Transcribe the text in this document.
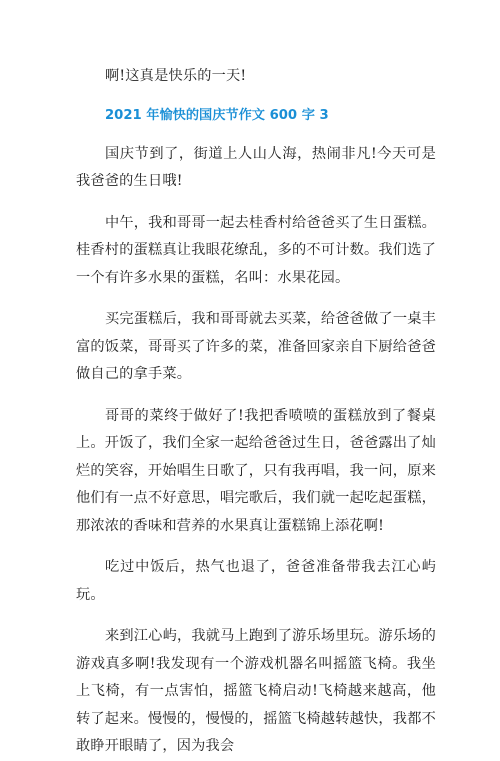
啊!这真是快乐的一天!

2021 年愉快的国庆节作文 600 字 3

国庆节到了，街道上人山人海，热闹非凡!今天可是我爸爸的生日哦!

中午，我和哥哥一起去桂香村给爸爸买了生日蛋糕。桂香村的蛋糕真让我眼花缭乱，多的不可计数。我们选了一个有许多水果的蛋糕，名叫：水果花园。

买完蛋糕后，我和哥哥就去买菜，给爸爸做了一桌丰富的饭菜，哥哥买了许多的菜，准备回家亲自下厨给爸爸做自己的拿手菜。

哥哥的菜终于做好了!我把香喷喷的蛋糕放到了餐桌上。开饭了，我们全家一起给爸爸过生日，爸爸露出了灿烂的笑容，开始唱生日歌了，只有我再唱，我一问，原来他们有一点不好意思，唱完歌后，我们就一起吃起蛋糕，那浓浓的香味和营养的水果真让蛋糕锦上添花啊!

吃过中饭后，热气也退了，爸爸准备带我去江心屿玩。

来到江心屿，我就马上跑到了游乐场里玩。游乐场的游戏真多啊!我发现有一个游戏机器名叫摇篮飞椅。我坐上飞椅，有一点害怕，摇篮飞椅启动!飞椅越来越高，他转了起来。慢慢的，慢慢的，摇篮飞椅越转越快，我都不敢睁开眼睛了，因为我会
